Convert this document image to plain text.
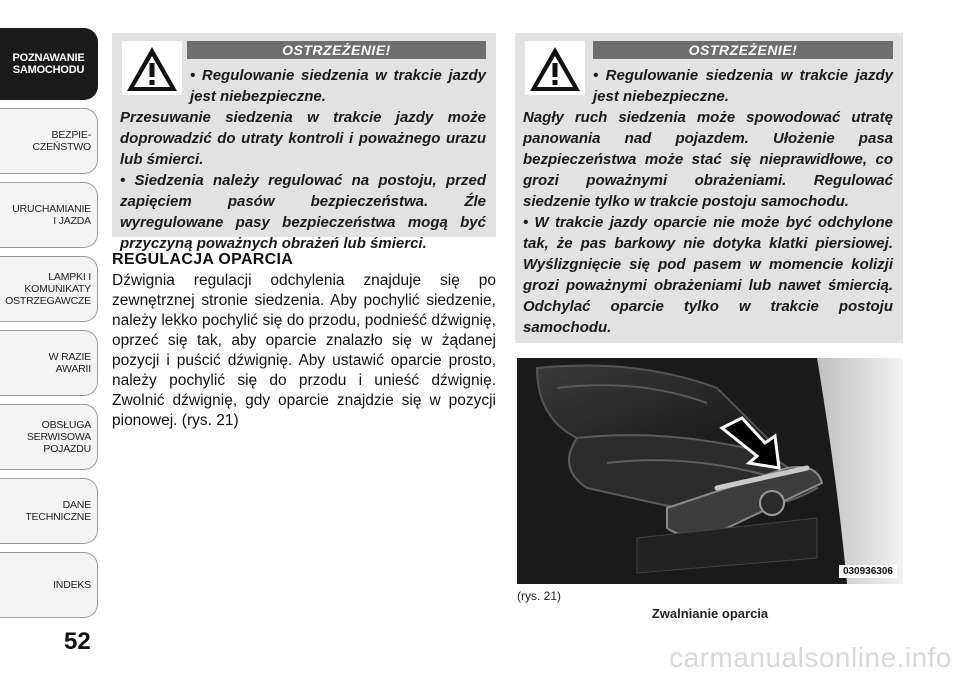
POZNAWANIE
SAMOCHODU
BEZPIE-
CZEŃSTWO
URUCHAMIANIE
I JAZDA
LAMPKI I
KOMUNIKATY
OSTRZEGAWCZE
W RAZIE
AWARII
OBSŁUGA
SERWISOWA
POJAZDU
DANE
TECHNICZNE
INDEKS
52
OSTRZEŻENIE!

• Regulowanie siedzenia w trakcie jazdy jest niebezpieczne.

Przesuwanie siedzenia w trakcie jazdy może doprowadzić do utraty kontroli i poważnego urazu lub śmierci.

• Siedzenia należy regulować na postoju, przed zapięciem pasów bezpieczeństwa. Źle wyregulowane pasy bezpieczeństwa mogą być przyczyną poważnych obrażeń lub śmierci.

REGULACJA OPARCIA
Dźwignia regulacji odchylenia znajduje się po zewnętrznej stronie siedzenia. Aby pochylić siedzenie, należy lekko pochylić się do przodu, podnieść dźwignię, oprzeć się tak, aby oparcie znalazło się w żądanej pozycji i puścić dźwignię. Aby ustawić oparcie prosto, należy pochylić się do przodu i unieść dźwignię. Zwolnić dźwignię, gdy oparcie znajdzie się w pozycji pionowej. (rys. 21)
OSTRZEŻENIE!

• Regulowanie siedzenia w trakcie jazdy jest niebezpieczne.

Nagły ruch siedzenia może spowodować utratę panowania nad pojazdem. Ułożenie pasa bezpieczeństwa może stać się nieprawidłowe, co grozi poważnymi obrażeniami. Regulować siedzenie tylko w trakcie postoju samochodu.

• W trakcie jazdy oparcie nie może być odchylone tak, że pas barkowy nie dotyka klatki piersiowej. Wyślizgnięcie się pod pasem w momencie kolizji grozi poważnymi obrażeniami lub nawet śmiercią. Odchylać oparcie tylko w trakcie postoju samochodu.

030936306
(rys. 21)
Zwalnianie oparcia
carmanualsonline.info
